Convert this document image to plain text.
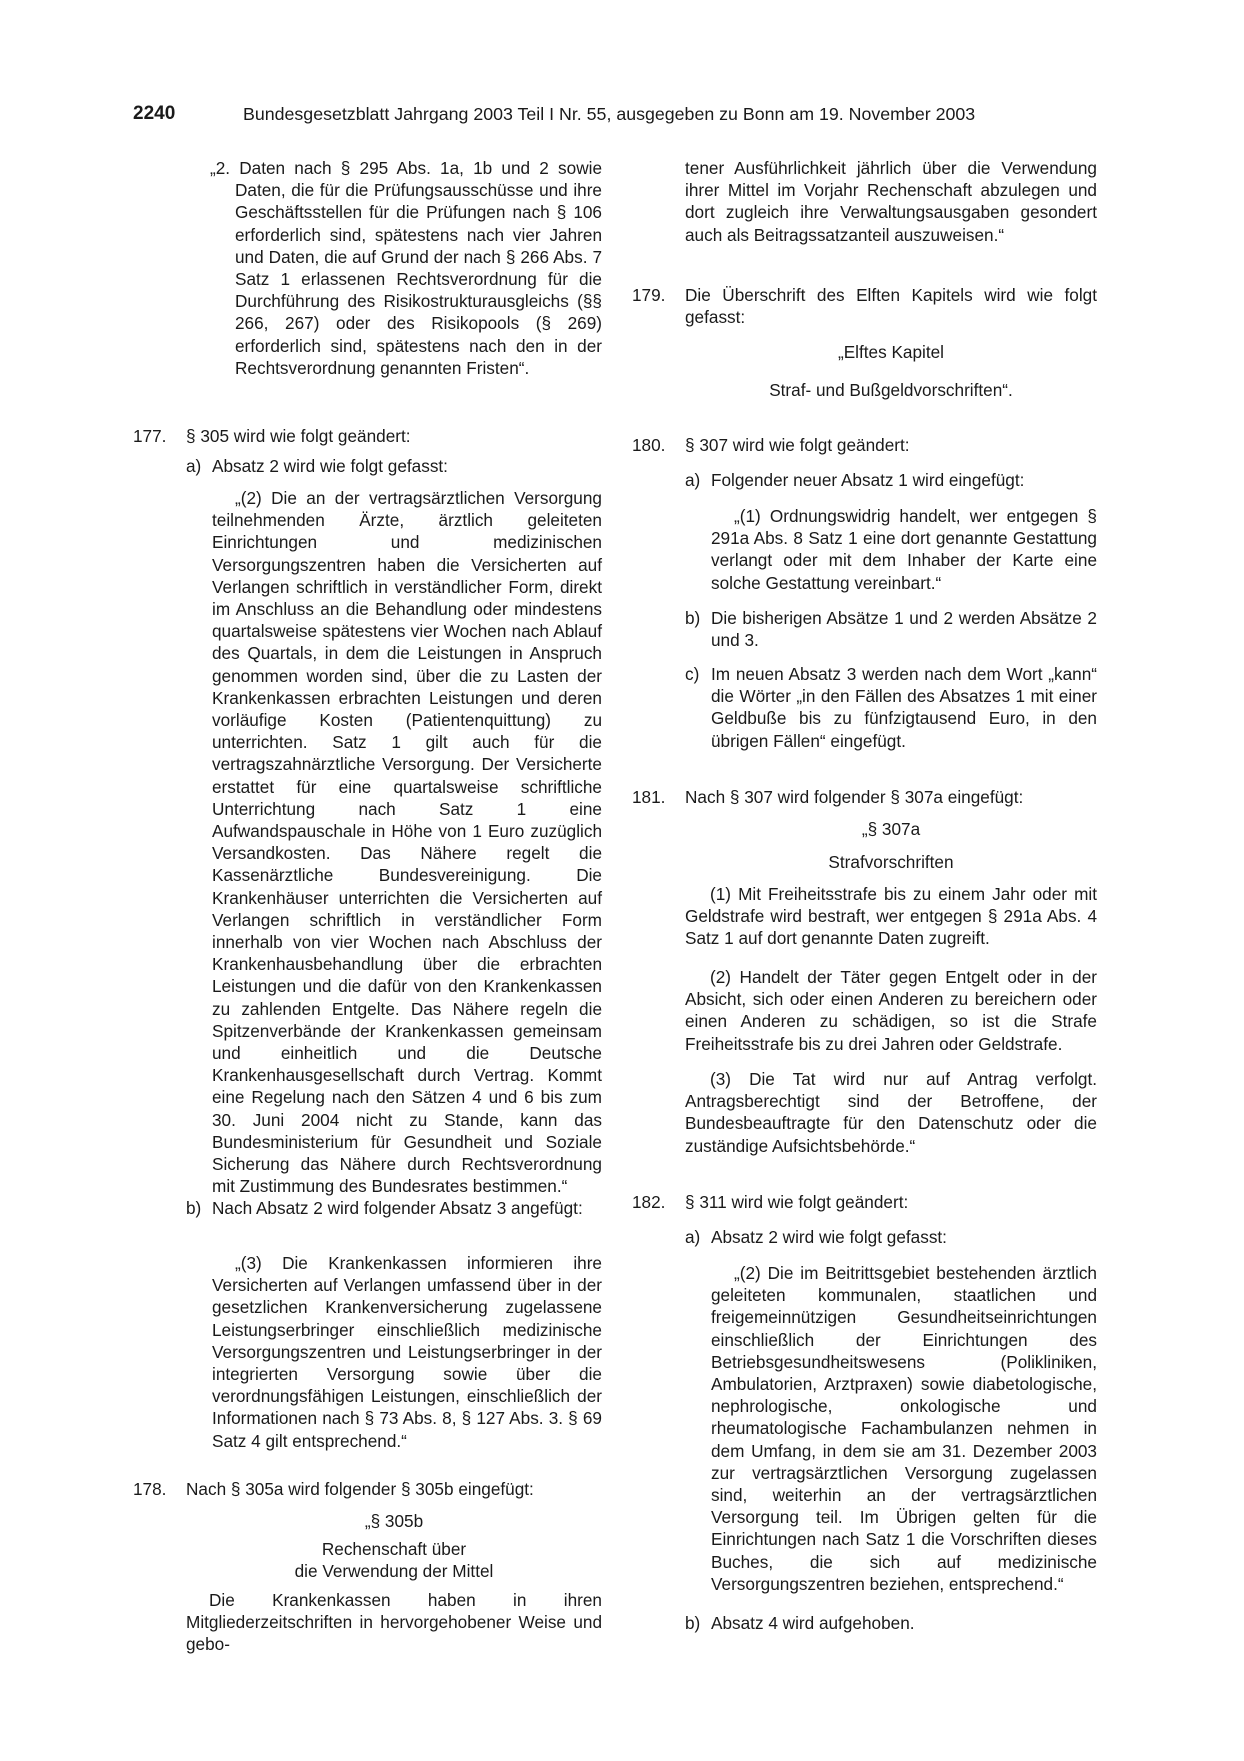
2240	Bundesgesetzblatt Jahrgang 2003 Teil I Nr. 55, ausgegeben zu Bonn am 19. November 2003
„2. Daten nach § 295 Abs. 1a, 1b und 2 sowie Daten, die für die Prüfungsausschüsse und ihre Geschäftsstellen für die Prüfungen nach § 106 erforderlich sind, spätestens nach vier Jahren und Daten, die auf Grund der nach § 266 Abs. 7 Satz 1 erlassenen Rechtsverordnung für die Durchführung des Risikostrukturausgleichs (§§ 266, 267) oder des Risikopools (§ 269) erforderlich sind, spätestens nach den in der Rechtsverordnung genannten Fristen“.
177. § 305 wird wie folgt geändert:
a) Absatz 2 wird wie folgt gefasst:
„(2) Die an der vertragsärztlichen Versorgung teilnehmenden Ärzte, ärztlich geleiteten Einrichtungen und medizinischen Versorgungszentren haben die Versicherten auf Verlangen schriftlich in verständlicher Form, direkt im Anschluss an die Behandlung oder mindestens quartalsweise spätestens vier Wochen nach Ablauf des Quartals, in dem die Leistungen in Anspruch genommen worden sind, über die zu Lasten der Krankenkassen erbrachten Leistungen und deren vorläufige Kosten (Patientenquittung) zu unterrichten. Satz 1 gilt auch für die vertragszahnärztliche Versorgung. Der Versicherte erstattet für eine quartalsweise schriftliche Unterrichtung nach Satz 1 eine Aufwandspauschale in Höhe von 1 Euro zuzüglich Versandkosten. Das Nähere regelt die Kassenärztliche Bundesvereinigung. Die Krankenhäuser unterrichten die Versicherten auf Verlangen schriftlich in verständlicher Form innerhalb von vier Wochen nach Abschluss der Krankenhausbehandlung über die erbrachten Leistungen und die dafür von den Krankenkassen zu zahlenden Entgelte. Das Nähere regeln die Spitzenverbände der Krankenkassen gemeinsam und einheitlich und die Deutsche Krankenhausgesellschaft durch Vertrag. Kommt eine Regelung nach den Sätzen 4 und 6 bis zum 30. Juni 2004 nicht zu Stande, kann das Bundesministerium für Gesundheit und Soziale Sicherung das Nähere durch Rechtsverordnung mit Zustimmung des Bundesrates bestimmen.“
b) Nach Absatz 2 wird folgender Absatz 3 angefügt:
„(3) Die Krankenkassen informieren ihre Versicherten auf Verlangen umfassend über in der gesetzlichen Krankenversicherung zugelassene Leistungserbringer einschließlich medizinische Versorgungszentren und Leistungserbringer in der integrierten Versorgung sowie über die verordnungsfähigen Leistungen, einschließlich der Informationen nach § 73 Abs. 8, § 127 Abs. 3. § 69 Satz 4 gilt entsprechend.“
178. Nach § 305a wird folgender § 305b eingefügt:
„§ 305b
Rechenschaft über
die Verwendung der Mittel
Die Krankenkassen haben in ihren Mitgliederzeitschriften in hervorgehobener Weise und gebo-
tener Ausführlichkeit jährlich über die Verwendung ihrer Mittel im Vorjahr Rechenschaft abzulegen und dort zugleich ihre Verwaltungsausgaben gesondert auch als Beitragssatzanteil auszuweisen.“
179. Die Überschrift des Elften Kapitels wird wie folgt gefasst:
„Elftes Kapitel
Straf- und Bußgeldvorschriften“.
180. § 307 wird wie folgt geändert:
a) Folgender neuer Absatz 1 wird eingefügt:
„(1) Ordnungswidrig handelt, wer entgegen § 291a Abs. 8 Satz 1 eine dort genannte Gestattung verlangt oder mit dem Inhaber der Karte eine solche Gestattung vereinbart.“
b) Die bisherigen Absätze 1 und 2 werden Absätze 2 und 3.
c) Im neuen Absatz 3 werden nach dem Wort „kann“ die Wörter „in den Fällen des Absatzes 1 mit einer Geldbuße bis zu fünfzigtausend Euro, in den übrigen Fällen“ eingefügt.
181. Nach § 307 wird folgender § 307a eingefügt:
„§ 307a
Strafvorschriften
(1) Mit Freiheitsstrafe bis zu einem Jahr oder mit Geldstrafe wird bestraft, wer entgegen § 291a Abs. 4 Satz 1 auf dort genannte Daten zugreift.
(2) Handelt der Täter gegen Entgelt oder in der Absicht, sich oder einen Anderen zu bereichern oder einen Anderen zu schädigen, so ist die Strafe Freiheitsstrafe bis zu drei Jahren oder Geldstrafe.
(3) Die Tat wird nur auf Antrag verfolgt. Antragsberechtigt sind der Betroffene, der Bundesbeauftragte für den Datenschutz oder die zuständige Aufsichtsbehörde.“
182. § 311 wird wie folgt geändert:
a) Absatz 2 wird wie folgt gefasst:
„(2) Die im Beitrittsgebiet bestehenden ärztlich geleiteten kommunalen, staatlichen und freigemeinnützigen Gesundheitseinrichtungen einschließlich der Einrichtungen des Betriebsgesundheitswesens (Polikliniken, Ambulatorien, Arztpraxen) sowie diabetologische, nephrologische, onkologische und rheumatologische Fachambulanzen nehmen in dem Umfang, in dem sie am 31. Dezember 2003 zur vertragsärztlichen Versorgung zugelassen sind, weiterhin an der vertragsärztlichen Versorgung teil. Im Übrigen gelten für die Einrichtungen nach Satz 1 die Vorschriften dieses Buches, die sich auf medizinische Versorgungszentren beziehen, entsprechend.“
b) Absatz 4 wird aufgehoben.
